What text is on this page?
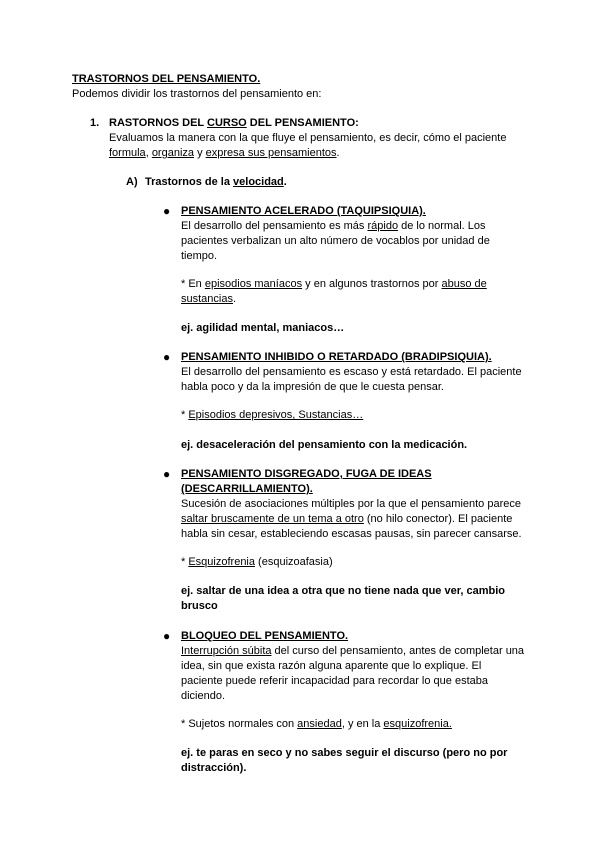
TRASTORNOS DEL PENSAMIENTO.
Podemos dividir los trastornos del pensamiento en:
1. RASTORNOS DEL CURSO DEL PENSAMIENTO:
Evaluamos la manera con la que fluye el pensamiento, es decir, cómo el paciente
formula, organiza y expresa sus pensamientos.
A) Trastornos de la velocidad.
● PENSAMIENTO ACELERADO (TAQUIPSIQUIA).
El desarrollo del pensamiento es más rápido de lo normal. Los
pacientes verbalizan un alto número de vocablos por unidad de
tiempo.
* En episodios maníacos y en algunos trastornos por abuso de
sustancias.
ej. agilidad mental, maniacos…
● PENSAMIENTO INHIBIDO O RETARDADO (BRADIPSIQUIA).
El desarrollo del pensamiento es escaso y está retardado. El paciente
habla poco y da la impresión de que le cuesta pensar.
* Episodios depresivos, Sustancias…
ej. desaceleración del pensamiento con la medicación.
● PENSAMIENTO DISGREGADO, FUGA DE IDEAS
(DESCARRILLAMIENTO).
Sucesión de asociaciones múltiples por la que el pensamiento parece
saltar bruscamente de un tema a otro (no hilo conector). El paciente
habla sin cesar, estableciendo escasas pausas, sin parecer cansarse.
* Esquizofrenia (esquizoafasia)
ej. saltar de una idea a otra que no tiene nada que ver, cambio
brusco
● BLOQUEO DEL PENSAMIENTO.
Interrupción súbita del curso del pensamiento, antes de completar una
idea, sin que exista razón alguna aparente que lo explique. El
paciente puede referir incapacidad para recordar lo que estaba
diciendo.
* Sujetos normales con ansiedad, y en la esquizofrenia.
ej. te paras en seco y no sabes seguir el discurso (pero no por
distracción).
